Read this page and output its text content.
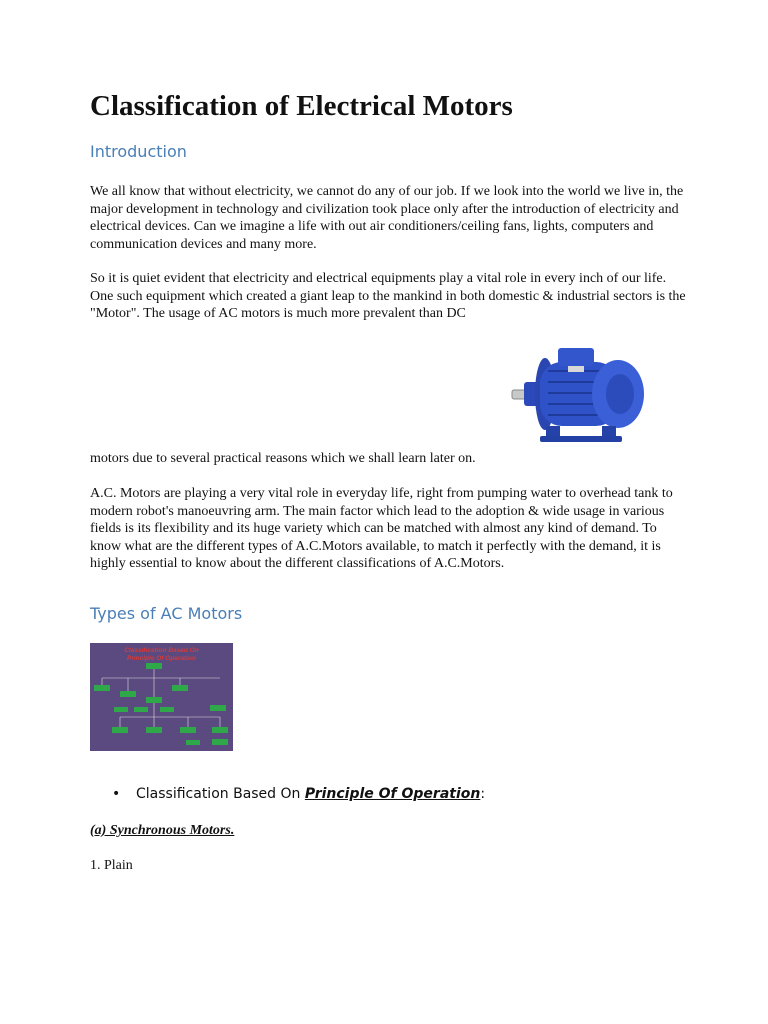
Classification of Electrical Motors
Introduction

We all know that without electricity, we cannot do any of our job. If we look into the world we live in, the major development in technology and civilization took place only after the introduction of electricity and electrical devices. Can we imagine a life with out air conditioners/ceiling fans, lights, computers and communication devices and many more.

So it is quiet evident that electricity and electrical equipments play a vital role in every inch of our life. One such equipment which created a giant leap to the mankind in both domestic & industrial sectors is the "Motor". The usage of AC motors is much more prevalent than DC

motors due to several practical reasons which we shall learn later on.

A.C. Motors are playing a very vital role in everyday life, right from pumping water to overhead tank to modern robot's manoeuvring arm. The main factor which lead to the adoption & wide usage in various fields is its flexibility and its huge variety which can be matched with almost any kind of demand. To know what are the different types of A.C.Motors available, to match it perfectly with the demand, it is highly essential to know about the different classifications of A.C.Motors.

Types of AC Motors
Classification Based On
Principle Of Operation
• Classification Based On Principle Of Operation:
(a) Synchronous Motors.
1. Plain
